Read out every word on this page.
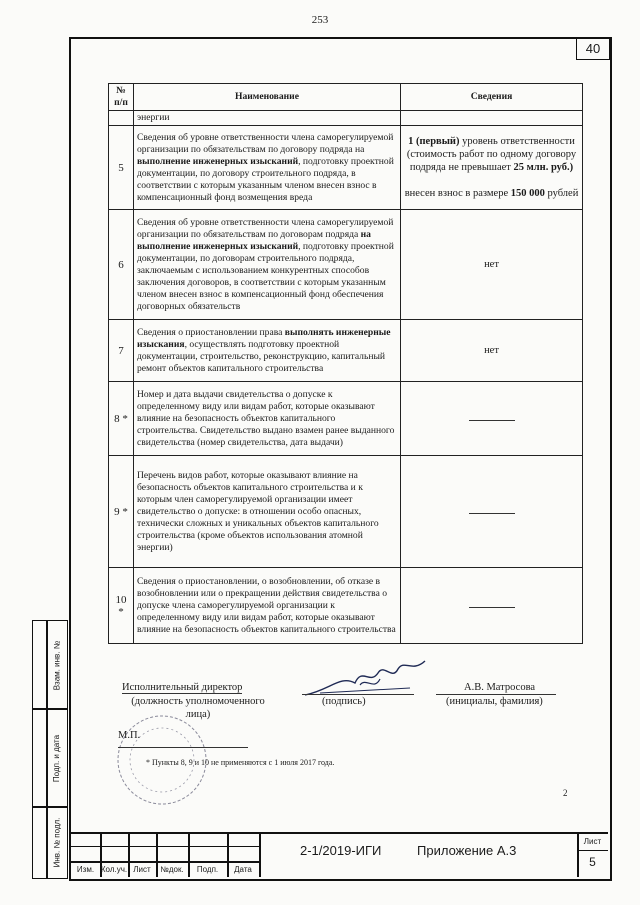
253
40
№ п/п	Наименование	Сведения
	энергии	
5	Сведения об уровне ответственности члена саморегулируемой организации по обязательствам по договору подряда на выполнение инженерных изысканий, подготовку проектной документации, по договору строительного подряда, в соответствии с которым указанным членом внесен взнос в компенсационный фонд возмещения вреда	1 (первый) уровень ответственности (стоимость работ по одному договору подряда не превышает 25 млн. руб.)

внесен взнос в размере 150 000 рублей
6	Сведения об уровне ответственности члена саморегулируемой организации по обязательствам по договорам подряда на выполнение инженерных изысканий, подготовку проектной документации, по договорам строительного подряда, заключаемым с использованием конкурентных способов заключения договоров, в соответствии с которым указанным членом внесен взнос в компенсационный фонд обеспечения договорных обязательств	нет
7	Сведения о приостановлении права выполнять инженерные изыскания, осуществлять подготовку проектной документации, строительство, реконструкцию, капитальный ремонт объектов капитального строительства	нет
8 *	Номер и дата выдачи свидетельства о допуске к определенному виду или видам работ, которые оказывают влияние на безопасность объектов капитального строительства. Свидетельство выдано взамен ранее выданного свидетельства (номер свидетельства, дата выдачи)	
9 *	Перечень видов работ, которые оказывают влияние на безопасность объектов капитального строительства и к которым член саморегулируемой организации имеет свидетельство о допуске: в отношении особо опасных, технически сложных и уникальных объектов капитального строительства (кроме объектов использования атомной энергии)	
10 *	Сведения о приостановлении, о возобновлении, об отказе в возобновлении или о прекращении действия свидетельства о допуске члена саморегулируемой организации к определенному виду или видам работ, которые оказывают влияние на безопасность объектов капитального строительства	
Исполнительный директор
(должность уполномоченного лица)
(подпись)
А.В. Матросова
(инициалы, фамилия)
М.П.
* Пункты 8, 9 и 10 не применяются с 1 июля 2017 года.
2
Взам. инв. №
Подп. и дата
Инв. № подл.
Изм. Кол.уч. Лист	№док.	Подп.	Дата
2-1/2019-ИГИ	Приложение А.3
Лист
5
